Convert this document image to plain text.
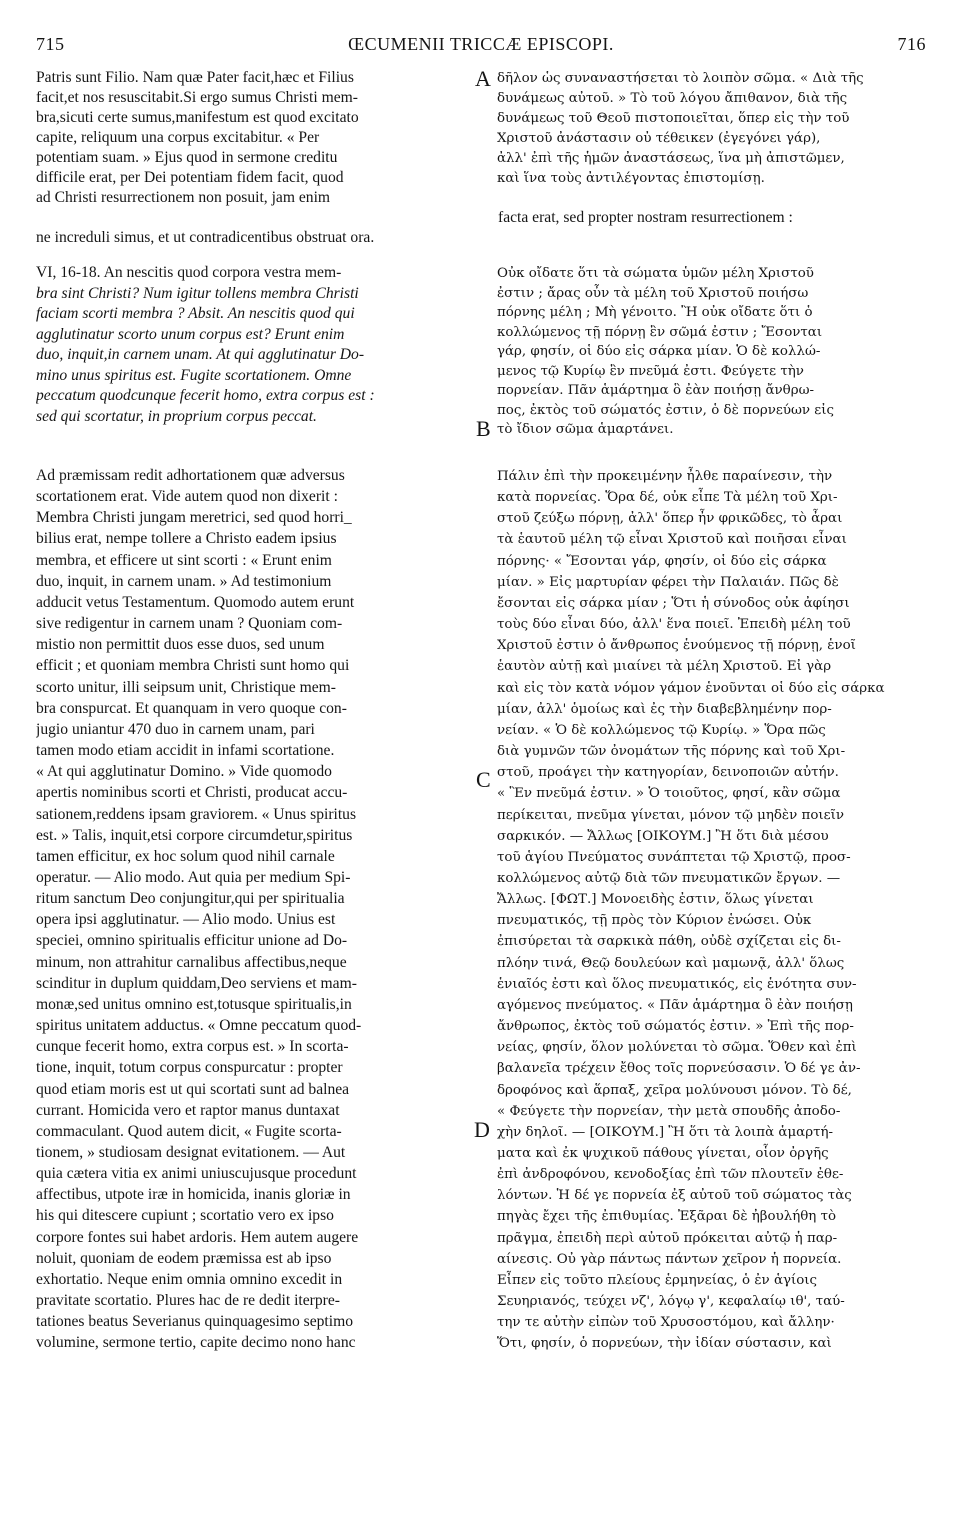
715	ŒCUMENII TRICCÆ EPISCOPI.	716
A
B
C
D

Patris sunt Filio. Nam quæ Pater facit,hæc et Filius

facit,et nos resuscitabit.Si ergo sumus Christi mem-

bra,sicuti certe sumus,manifestum est quod excitato

capite, reliquum una corpus excitabitur. « Per

potentiam suam. » Ejus quod in sermone creditu

difficile erat, per Dei potentiam fidem facit, quod

ad Christi resurrectionem non posuit, jam enim

δῆλον ὡς συναναστήσεται τὸ λοιπὸν σῶμα. « Διὰ τῆς

δυνάμεως αὐτοῦ. » Τὸ τοῦ λόγου ἄπιθανον, διὰ τῆς

δυνάμεως τοῦ Θεοῦ πιστοποιεῖται, ὅπερ εἰς τὴν τοῦ

Χριστοῦ ἀνάστασιν οὐ τέθεικεν (ἐγεγόνει γάρ),

ἀλλ' ἐπὶ τῆς ἡμῶν ἀναστάσεως, ἵνα μὴ ἀπιστῶμεν,

καὶ ἵνα τοὺς ἀντιλέγοντας ἐπιστομίσῃ.

facta erat, sed propter nostram resurrectionem :

ne increduli simus, et ut contradicentibus obstruat ora.

VI, 16-18. An nescitis quod corpora vestra mem-

bra sint Christi? Num igitur tollens membra Christi

faciam scorti membra ? Absit. An nescitis quod qui

agglutinatur scorto unum corpus est? Erunt enim

duo, inquit,in carnem unam. At qui agglutinatur Do-

mino unus spiritus est. Fugite scortationem. Omne

peccatum quodcunque fecerit homo, extra corpus est :

sed qui scortatur, in proprium corpus peccat.

Οὐκ οἴδατε ὅτι τὰ σώματα ὑμῶν μέλη Χριστοῦ

ἐστιν ; ἄρας οὖν τὰ μέλη τοῦ Χριστοῦ ποιήσω

πόρνης μέλη ; Μὴ γένοιτο. Ἢ οὐκ οἴδατε ὅτι ὁ

κολλώμενος τῇ πόρνῃ ἓν σῶμά ἐστιν ; Ἔσονται

γάρ, φησίν, οἱ δύο εἰς σάρκα μίαν. Ὁ δὲ κολλώ-

μενος τῷ Κυρίῳ ἓν πνεῦμά ἐστι. Φεύγετε τὴν

πορνείαν. Πᾶν ἁμάρτημα ὃ ἐὰν ποιήσῃ ἄνθρω-

πος, ἐκτὸς τοῦ σώματός ἐστιν, ὁ δὲ πορνεύων εἰς

τὸ ἴδιον σῶμα ἁμαρτάνει.

Ad præmissam redit adhortationem quæ adversus

scortationem erat. Vide autem quod non dixerit :

Membra Christi jungam meretrici, sed quod horri_

bilius erat, nempe tollere a Christo eadem ipsius

membra, et efficere ut sint scorti : « Erunt enim

duo, inquit, in carnem unam. » Ad testimonium

adducit vetus Testamentum. Quomodo autem erunt

sive redigentur in carnem unam ? Quoniam com-

mistio non permittit duos esse duos, sed unum

efficit ; et quoniam membra Christi sunt homo qui

scorto unitur, illi seipsum unit, Christique mem-

bra conspurcat. Et quanquam in vero quoque con-

jugio uniantur 470 duo in carnem unam, pari

tamen modo etiam accidit in infami scortatione.

« At qui agglutinatur Domino. » Vide quomodo

apertis nominibus scorti et Christi, producat accu-

sationem,reddens ipsam graviorem. « Unus spiritus

est. » Talis, inquit,etsi corpore circumdetur,spiritus

tamen efficitur, ex hoc solum quod nihil carnale

operatur. — Alio modo. Aut quia per medium Spi-

ritum sanctum Deo conjungitur,qui per spiritualia

opera ipsi agglutinatur. — Alio modo. Unius est

speciei, omnino spiritualis efficitur unione ad Do-

minum, non attrahitur carnalibus affectibus,neque

scinditur in duplum quiddam,Deo serviens et mam-

monæ,sed unitus omnino est,totusque spiritualis,in

spiritus unitatem adductus. « Omne peccatum quod-

cunque fecerit homo, extra corpus est. » In scorta-

tione, inquit, totum corpus conspurcatur : propter

quod etiam moris est ut qui scortati sunt ad balnea

currant. Homicida vero et raptor manus duntaxat

commaculant. Quod autem dicit, « Fugite scorta-

tionem, » studiosam designat evitationem. — Aut

quia cætera vitia ex animi uniuscujusque procedunt

affectibus, utpote iræ in homicida, inanis gloriæ in

his qui ditescere cupiunt ; scortatio vero ex ipso

corpore fontes sui habet ardoris. Hem autem augere

noluit, quoniam de eodem præmissa est ab ipso

exhortatio. Neque enim omnia omnino excedit in

pravitate scortatio. Plures hac de re dedit iterpre-

tationes beatus Severianus quinquagesimo septimo

volumine, sermone tertio, capite decimo nono hanc

Πάλιν ἐπὶ τὴν προκειμένην ἦλθε παραίνεσιν, τὴν

κατὰ πορνείας. Ὅρα δέ, οὐκ εἶπε Τὰ μέλη τοῦ Χρι-

στοῦ ζεύξω πόρνῃ, ἀλλ' ὅπερ ἦν φρικῶδες, τὸ ἆραι

τὰ ἑαυτοῦ μέλη τῷ εἶναι Χριστοῦ καὶ ποιῆσαι εἶναι

πόρνης· « Ἔσονται γάρ, φησίν, οἱ δύο εἰς σάρκα

μίαν. » Εἰς μαρτυρίαν φέρει τὴν Παλαιάν. Πῶς δὲ

ἔσονται εἰς σάρκα μίαν ; Ὅτι ἡ σύνοδος οὐκ ἀφίησι

τοὺς δύο εἶναι δύο, ἀλλ' ἕνα ποιεῖ. Ἐπειδὴ μέλη τοῦ

Χριστοῦ ἐστιν ὁ ἄνθρωπος ἑνούμενος τῇ πόρνῃ, ἑνοῖ

ἑαυτὸν αὐτῇ καὶ μιαίνει τὰ μέλη Χριστοῦ. Εἰ γὰρ

καὶ εἰς τὸν κατὰ νόμον γάμον ἑνοῦνται οἱ δύο εἰς σάρκα

μίαν, ἀλλ' ὁμοίως καὶ ἐς τὴν διαβεβλημένην πορ-

νείαν. « Ὁ δὲ κολλώμενος τῷ Κυρίῳ. » Ὅρα πῶς

διὰ γυμνῶν τῶν ὀνομάτων τῆς πόρνης καὶ τοῦ Χρι-

στοῦ, προάγει τὴν κατηγορίαν, δεινοποιῶν αὐτήν.

« Ἓν πνεῦμά ἐστιν. » Ὁ τοιοῦτος, φησί, κἂν σῶμα

περίκειται, πνεῦμα γίνεται, μόνον τῷ μηδὲν ποιεῖν

σαρκικόν. — Ἄλλως [ΟΙΚΟΥΜ.] Ἢ ὅτι διὰ μέσου

τοῦ ἁγίου Πνεύματος συνάπτεται τῷ Χριστῷ, προσ-

κολλώμενος αὐτῷ διὰ τῶν πνευματικῶν ἔργων. —

Ἄλλως. [ΦΩΤ.] Μονοειδὴς ἐστιν, ὅλως γίνεται

πνευματικός, τῇ πρὸς τὸν Κύριον ἑνώσει. Οὐκ

ἐπισύρεται τὰ σαρκικὰ πάθη, οὐδὲ σχίζεται εἰς δι-

πλόην τινά, Θεῷ δουλεύων καὶ μαμωνᾷ, ἀλλ' ὅλως

ἑνιαῖός ἐστι καὶ ὅλος πνευματικός, εἰς ἑνότητα συν-

αγόμενος πνεύματος. « Πᾶν ἁμάρτημα ὃ ἐὰν ποιήσῃ

ἄνθρωπος, ἐκτὸς τοῦ σώματός ἐστιν. » Ἐπὶ τῆς πορ-

νείας, φησίν, ὅλον μολύνεται τὸ σῶμα. Ὅθεν καὶ ἐπὶ

βαλανεῖα τρέχειν ἔθος τοῖς πορνεύσασιν. Ὁ δέ γε ἀν-

δροφόνος καὶ ἅρπαξ, χεῖρα μολύνουσι μόνον. Τὸ δέ,

« Φεύγετε τὴν πορνείαν, τὴν μετὰ σπουδῆς ἀποδο-

χὴν δηλοῖ. — [ΟΙΚΟΥΜ.] Ἢ ὅτι τὰ λοιπὰ ἁμαρτή-

ματα καὶ ἐκ ψυχικοῦ πάθους γίνεται, οἷον ὀργῆς

ἐπὶ ἀνδροφόνου, κενοδοξίας ἐπὶ τῶν πλουτεῖν ἐθε-

λόντων. Ἡ δέ γε πορνεία ἐξ αὐτοῦ τοῦ σώματος τὰς

πηγὰς ἔχει τῆς ἐπιθυμίας. Ἐξᾶραι δὲ ἠβουλήθη τὸ

πρᾶγμα, ἐπειδὴ περὶ αὐτοῦ πρόκειται αὐτῷ ἡ παρ-

αίνεσις. Οὐ γὰρ πάντως πάντων χεῖρον ἡ πορνεία.

Εἶπεν εἰς τοῦτο πλείους ἑρμηνείας, ὁ ἐν ἁγίοις

Σευηριανός, τεύχει νζ', λόγῳ γ', κεφαλαίῳ ιθ', ταύ-

την τε αὐτὴν εἰπὼν τοῦ Χρυσοστόμου, καὶ ἄλλην·

Ὅτι, φησίν, ὁ πορνεύων, τὴν ἰδίαν σύστασιν, καὶ
